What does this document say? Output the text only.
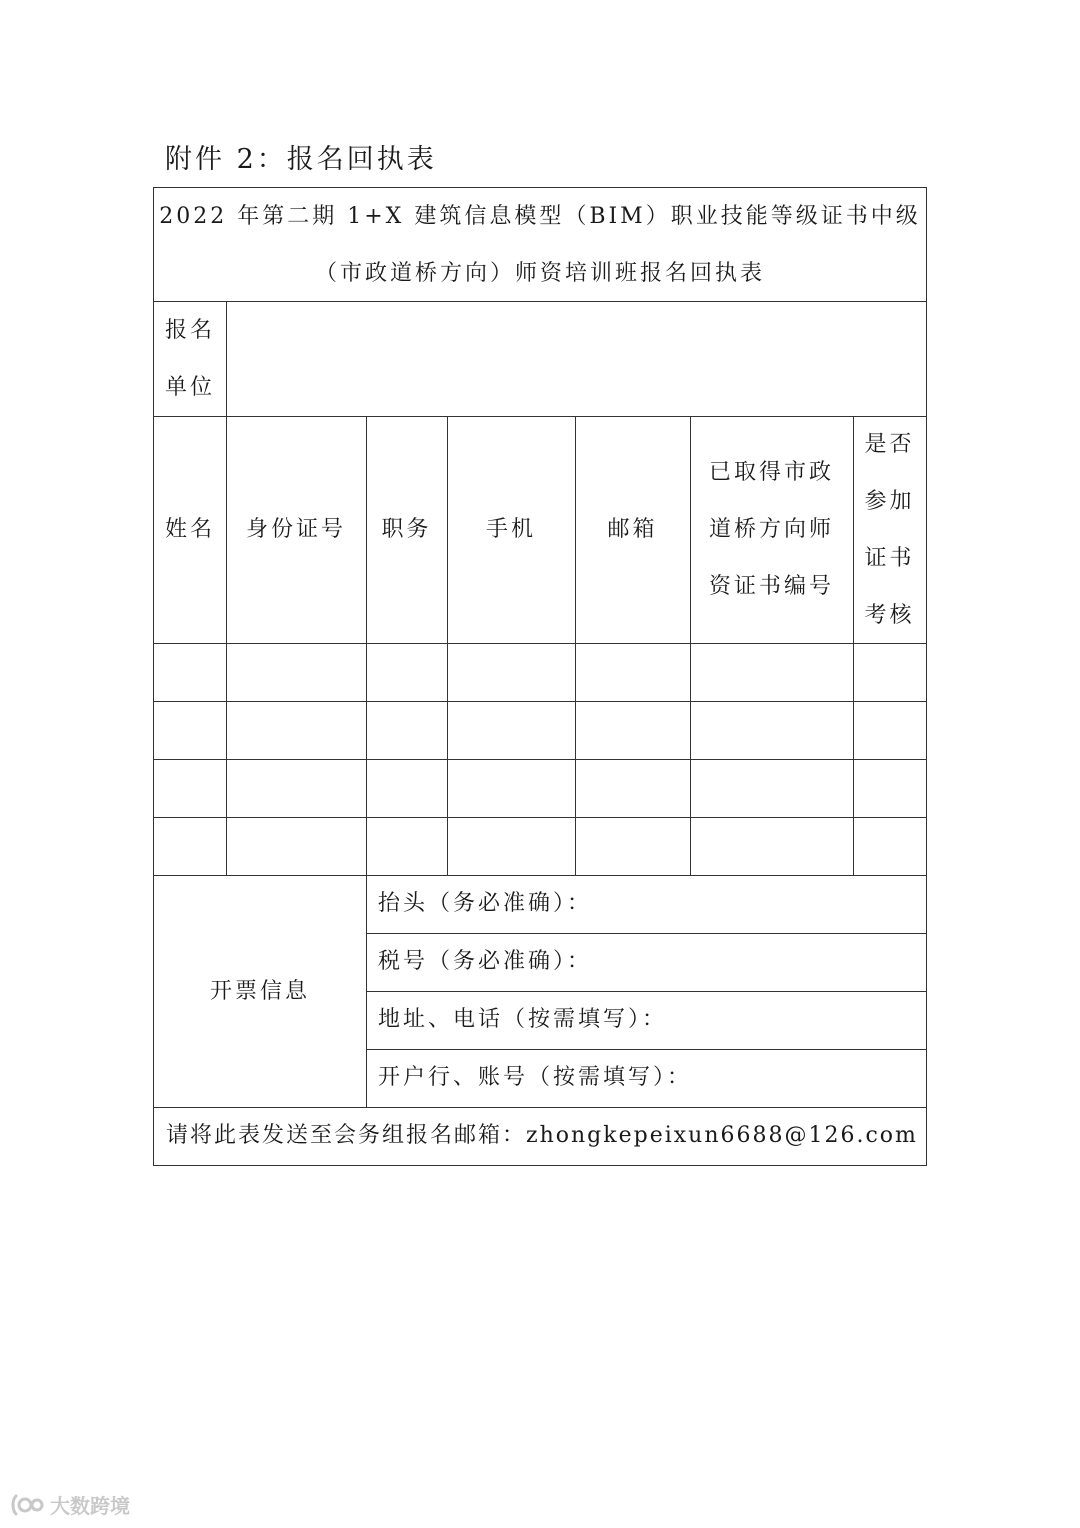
附件 2：报名回执表
2022 年第二期 1+X 建筑信息模型（BIM）职业技能等级证书中级
（市政道桥方向）师资培训班报名回执表
报名
单位
姓名 身份证号 职务 手机	邮箱
已取得市政
道桥方向师
资证书编号
是否
参加
证书
考核
开票信息
抬头（务必准确）：
税号（务必准确）：
地址、电话（按需填写）：
开户行、账号（按需填写）：
请将此表发送至会务组报名邮箱：zhongkepeixun6688@126.com
大数跨境
